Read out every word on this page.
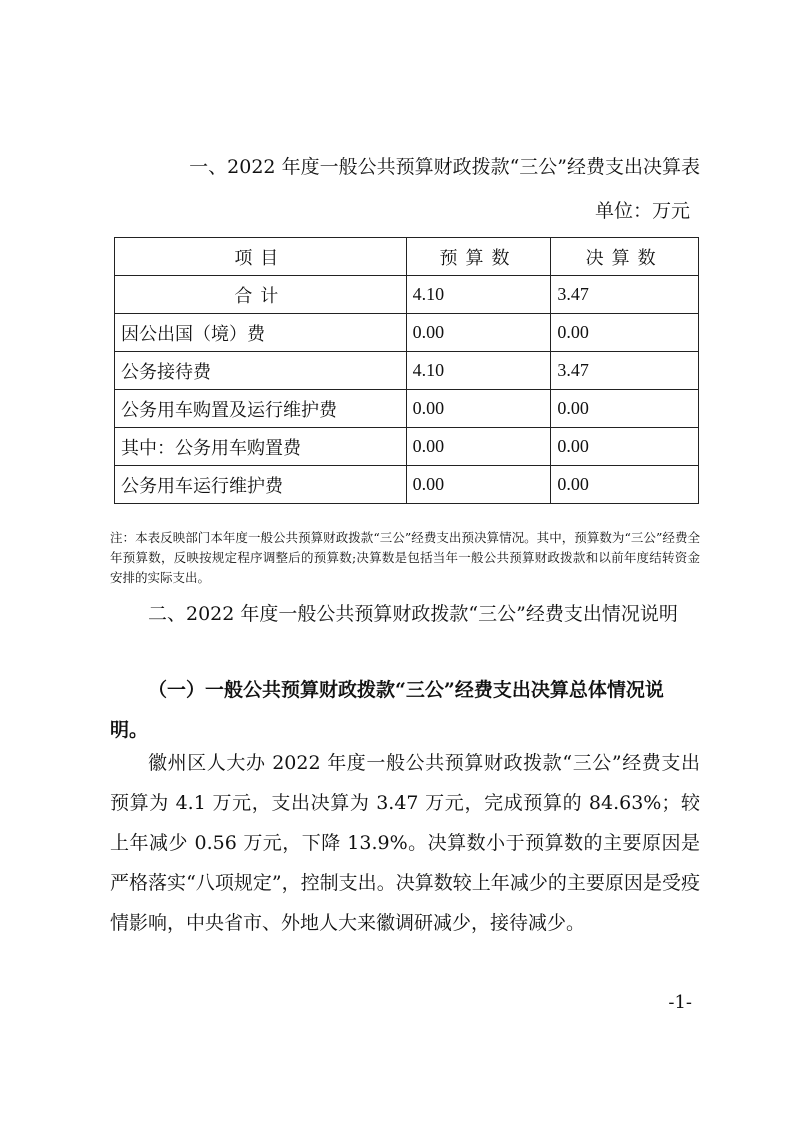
一、2022 年度一般公共预算财政拨款“三公”经费支出决算表
单位：万元
项目	预算数	决算数
合计	4.10	3.47
因公出国（境）费	0.00	0.00
公务接待费	4.10	3.47
公务用车购置及运行维护费	0.00	0.00
其中：公务用车购置费	0.00	0.00
公务用车运行维护费	0.00	0.00
注：本表反映部门本年度一般公共预算财政拨款“三公”经费支出预决算情况。其中，预算数为“三公”经费全年预算数，反映按规定程序调整后的预算数;决算数是包括当年一般公共预算财政拨款和以前年度结转资金安排的实际支出。
二、2022 年度一般公共预算财政拨款“三公”经费支出情况说明
（一）一般公共预算财政拨款“三公”经费支出决算总体情况说明。
徽州区人大办 2022 年度一般公共预算财政拨款“三公”经费支出预算为 4.1 万元，支出决算为 3.47 万元，完成预算的 84.63%；较上年减少 0.56 万元，下降 13.9%。决算数小于预算数的主要原因是严格落实“八项规定”，控制支出。决算数较上年减少的主要原因是受疫情影响，中央省市、外地人大来徽调研减少，接待减少。
-1-
